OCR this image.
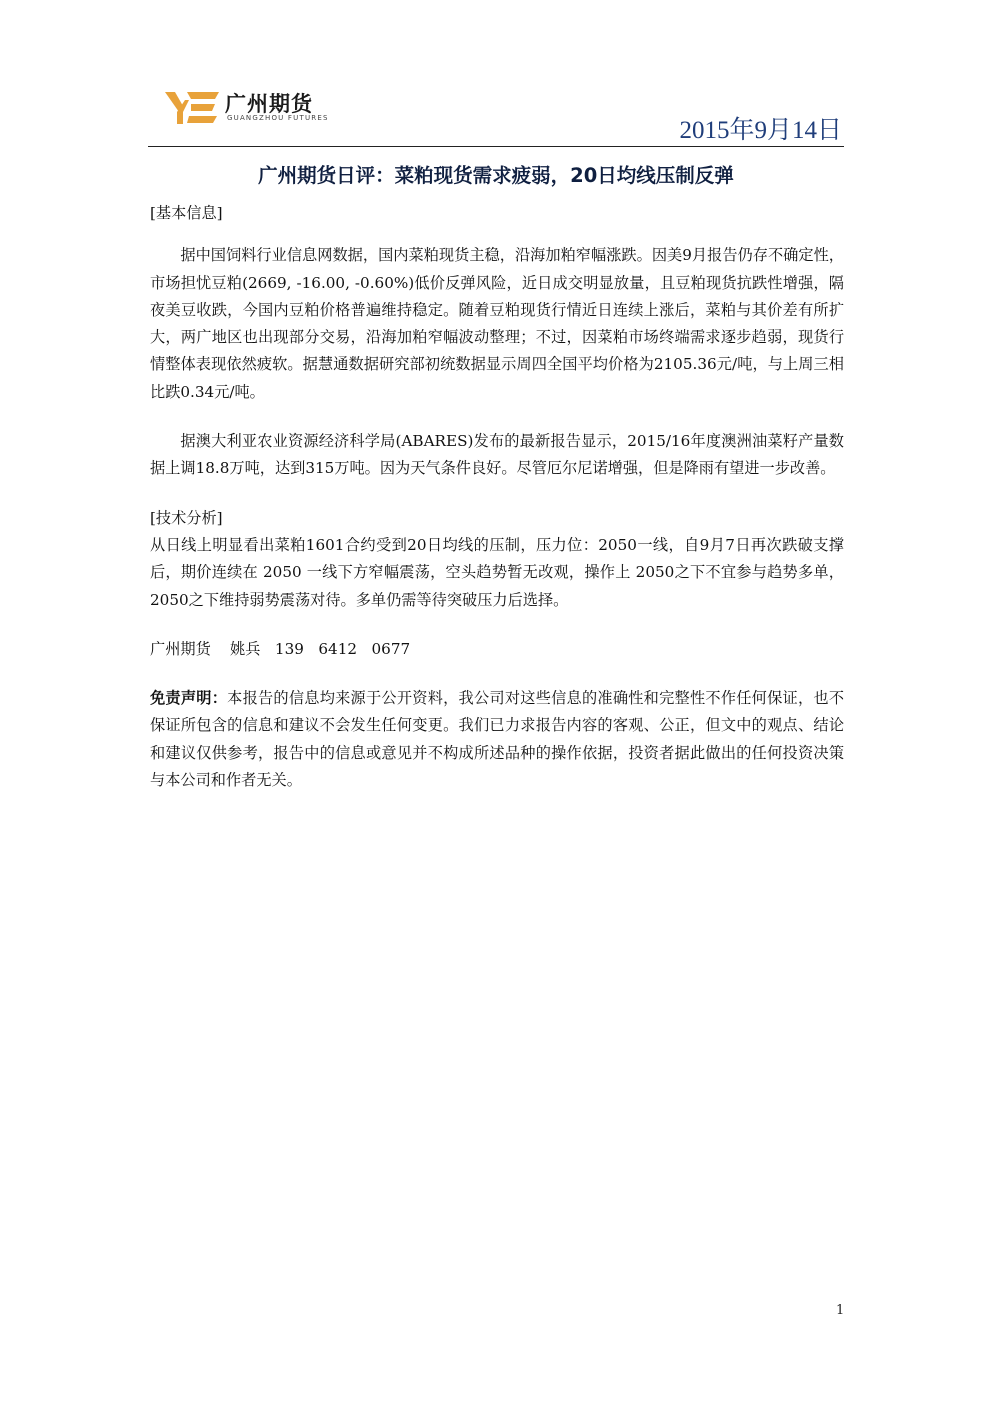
广州期货
GUANGZHOU FUTURES	2015年9月14日
广州期货日评：菜粕现货需求疲弱，20日均线压制反弹

[基本信息]

据中国饲料行业信息网数据，国内菜粕现货主稳，沿海加粕窄幅涨跌。因美9月报告仍存不确定性，市场担忧豆粕(2669, -16.00, -0.60%)低价反弹风险，近日成交明显放量，且豆粕现货抗跌性增强，隔夜美豆收跌，今国内豆粕价格普遍维持稳定。随着豆粕现货行情近日连续上涨后，菜粕与其价差有所扩大，两广地区也出现部分交易，沿海加粕窄幅波动整理；不过，因菜粕市场终端需求逐步趋弱，现货行情整体表现依然疲软。据慧通数据研究部初统数据显示周四全国平均价格为2105.36元/吨，与上周三相比跌0.34元/吨。

据澳大利亚农业资源经济科学局(ABARES)发布的最新报告显示，2015/16年度澳洲油菜籽产量数据上调18.8万吨，达到315万吨。因为天气条件良好。尽管厄尔尼诺增强，但是降雨有望进一步改善。

[技术分析]

从日线上明显看出菜粕1601合约受到20日均线的压制，压力位：2050一线，自9月7日再次跌破支撑后，期价连续在 2050 一线下方窄幅震荡，空头趋势暂无改观，操作上 2050之下不宜参与趋势多单，2050之下维持弱势震荡对待。多单仍需等待突破压力后选择。

广州期货    姚兵   139   6412   0677

免责声明：本报告的信息均来源于公开资料，我公司对这些信息的准确性和完整性不作任何保证，也不保证所包含的信息和建议不会发生任何变更。我们已力求报告内容的客观、公正，但文中的观点、结论和建议仅供参考，报告中的信息或意见并不构成所述品种的操作依据，投资者据此做出的任何投资决策与本公司和作者无关。

1
